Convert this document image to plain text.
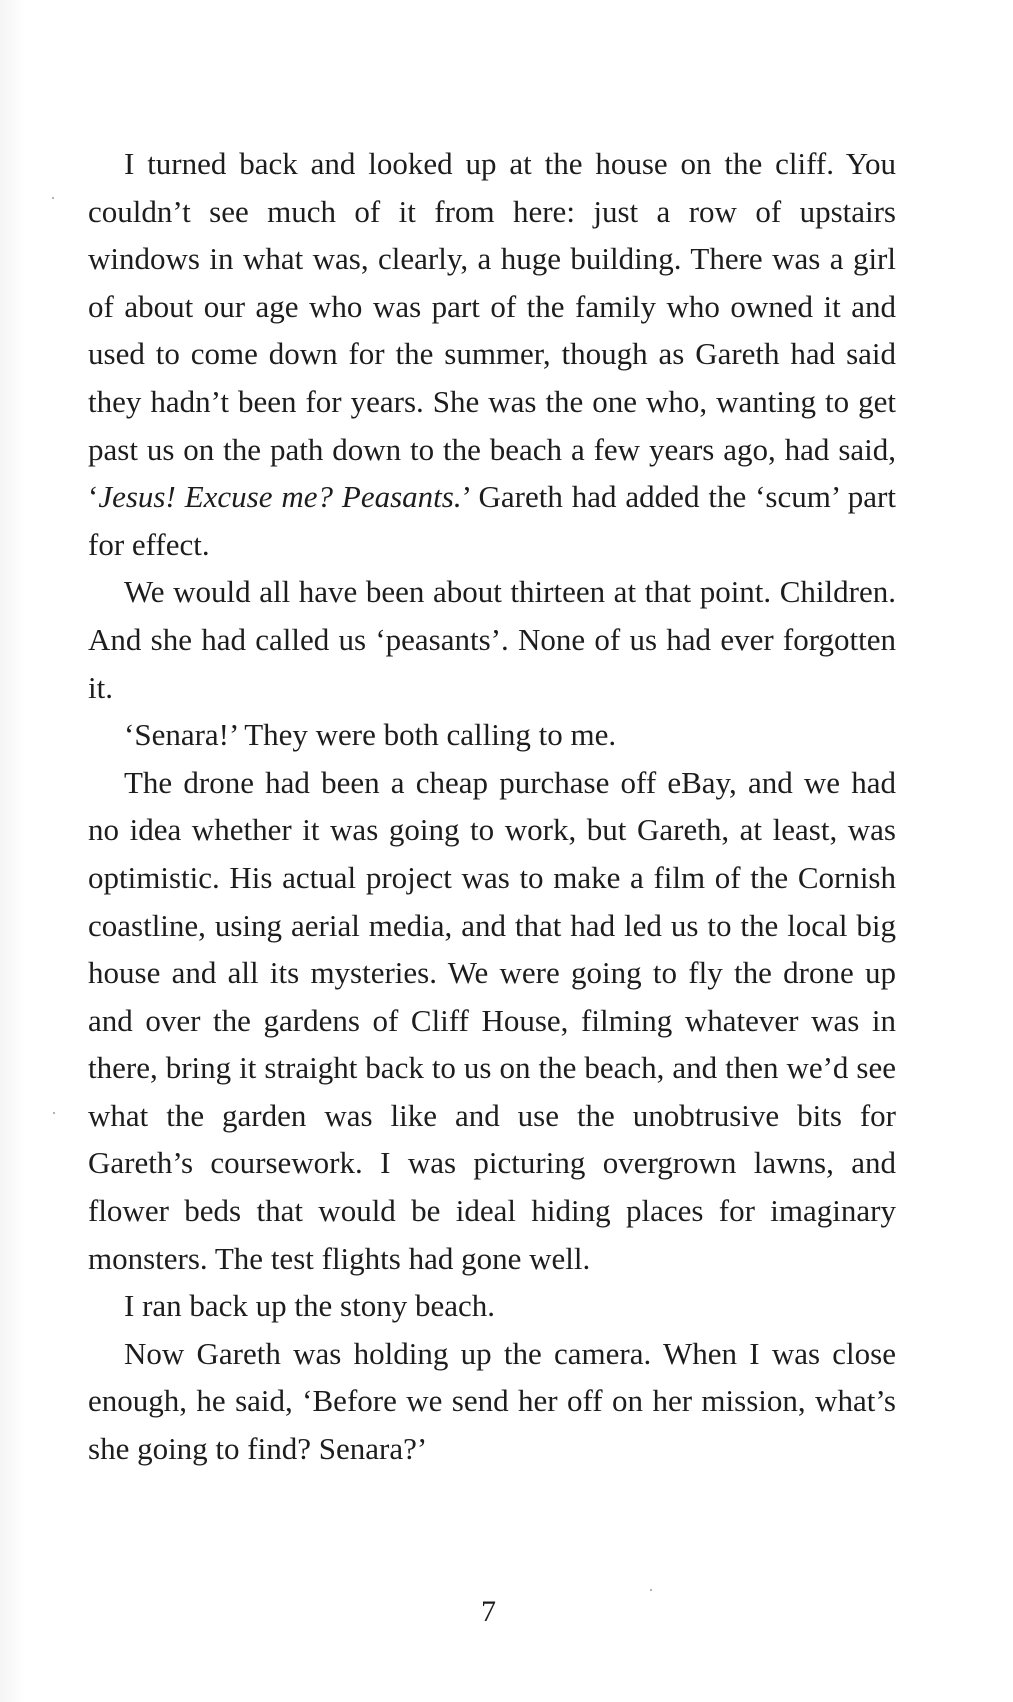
I turned back and looked up at the house on the cliff. You couldn’t see much of it from here: just a row of upstairs windows in what was, clearly, a huge building. There was a girl of about our age who was part of the family who owned it and used to come down for the summer, though as Gareth had said they hadn’t been for years. She was the one who, wanting to get past us on the path down to the beach a few years ago, had said, ‘Jesus! Excuse me? Peasants.’ Gareth had added the ‘scum’ part for effect.

We would all have been about thirteen at that point. Children. And she had called us ‘peasants’. None of us had ever forgotten it.

‘Senara!’ They were both calling to me.

The drone had been a cheap purchase off eBay, and we had no idea whether it was going to work, but Gareth, at least, was optimistic. His actual project was to make a film of the Cornish coastline, using aerial media, and that had led us to the local big house and all its mysteries. We were going to fly the drone up and over the gardens of Cliff House, filming whatever was in there, bring it straight back to us on the beach, and then we’d see what the garden was like and use the unobtrusive bits for Gareth’s coursework. I was picturing overgrown lawns, and flower beds that would be ideal hiding places for imaginary monsters. The test flights had gone well.

I ran back up the stony beach.

Now Gareth was holding up the camera. When I was close enough, he said, ‘Before we send her off on her mission, what’s she going to find? Senara?’

7
